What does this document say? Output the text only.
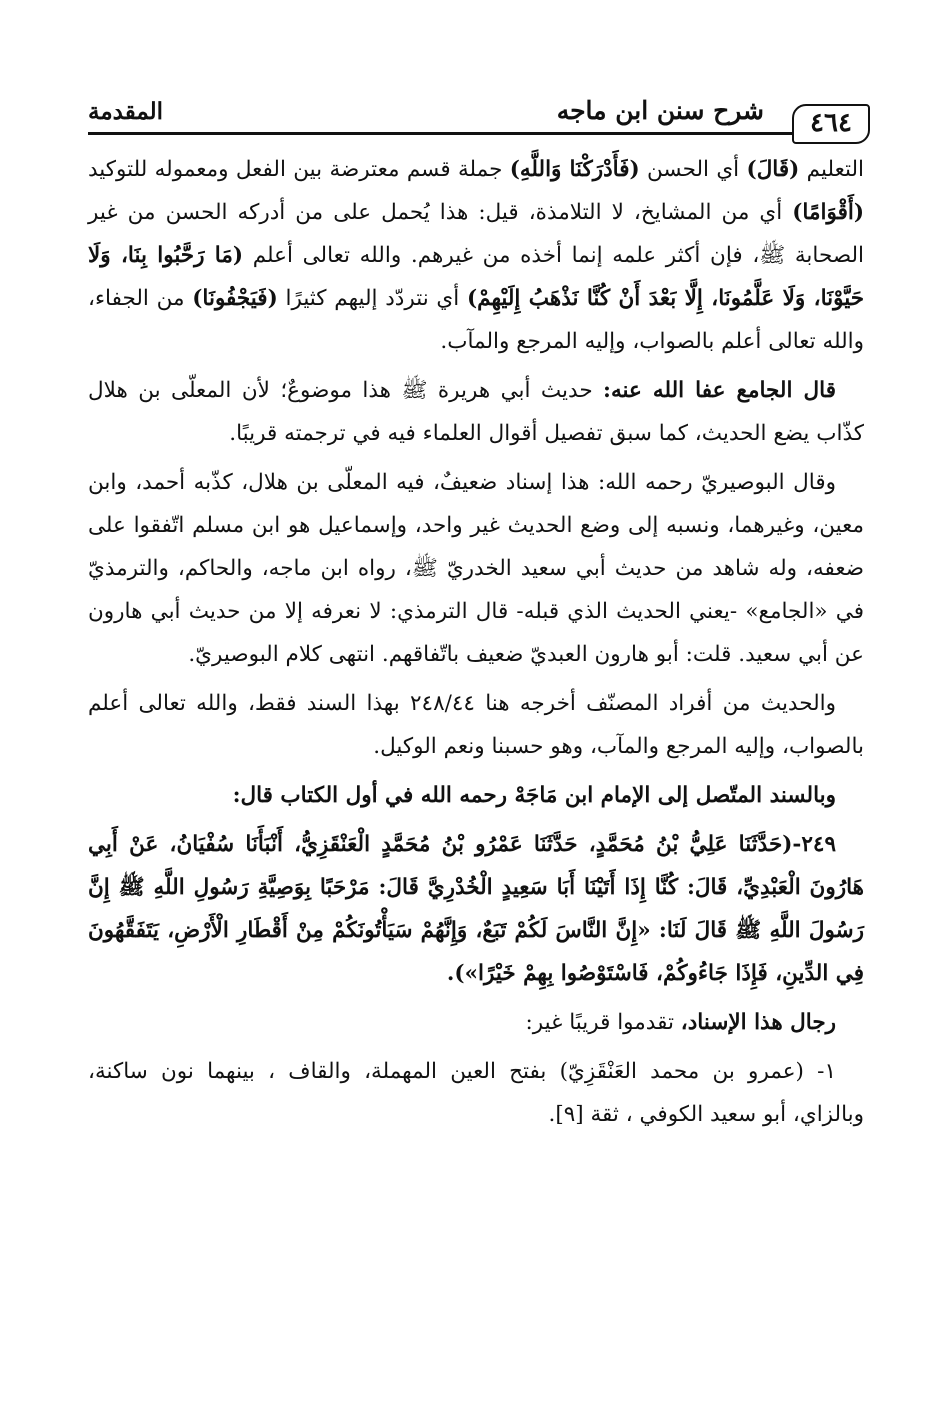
٤٦٤
شرح سنن ابن ماجه
المقدمة

التعليم (قَالَ) أي الحسن (فَأَدْرَكْنَا وَاللَّهِ) جملة قسم معترضة بين الفعل ومعموله للتوكيد (أَقْوَامًا) أي من المشايخ، لا التلامذة، قيل: هذا يُحمل على من أدركه الحسن من غير الصحابة ﷺ، فإن أكثر علمه إنما أخذه من غيرهم. والله تعالى أعلم (مَا رَحَّبُوا بِنَا، وَلَا حَيَّوْنَا، وَلَا عَلَّمُونَا، إِلَّا بَعْدَ أَنْ كُنَّا نَذْهَبُ إِلَيْهِمْ) أي نتردّد إليهم كثيرًا (فَيَجْفُونَا) من الجفاء، والله تعالى أعلم بالصواب، وإليه المرجع والمآب.

قال الجامع عفا الله عنه: حديث أبي هريرة ﷺ هذا موضوعٌ؛ لأن المعلّى بن هلال كذّاب يضع الحديث، كما سبق تفصيل أقوال العلماء فيه في ترجمته قريبًا.

وقال البوصيريّ رحمه الله: هذا إسناد ضعيفٌ، فيه المعلّى بن هلال، كذّبه أحمد، وابن معين، وغيرهما، ونسبه إلى وضع الحديث غير واحد، وإسماعيل هو ابن مسلم اتّفقوا على ضعفه، وله شاهد من حديث أبي سعيد الخدريّ ﷺ، رواه ابن ماجه، والحاكم، والترمذيّ في «الجامع» -يعني الحديث الذي قبله- قال الترمذي: لا نعرفه إلا من حديث أبي هارون عن أبي سعيد. قلت: أبو هارون العبديّ ضعيف باتّفاقهم. انتهى كلام البوصيريّ.

والحديث من أفراد المصنّف أخرجه هنا ٢٤٨/٤٤ بهذا السند فقط، والله تعالى أعلم بالصواب، وإليه المرجع والمآب، وهو حسبنا ونعم الوكيل.

وبالسند المتّصل إلى الإمام ابن مَاجَهْ رحمه الله في أول الكتاب قال:

٢٤٩-(حَدَّثَنَا عَلِيُّ بْنُ مُحَمَّدٍ، حَدَّثَنَا عَمْرُو بْنُ مُحَمَّدٍ الْعَنْقَزِيُّ، أَنْبَأَنَا سُفْيَانُ، عَنْ أَبِي هَارُونَ الْعَبْدِيِّ، قَالَ: كُنَّا إِذَا أَتَيْنَا أَبَا سَعِيدٍ الْخُدْرِيَّ قَالَ: مَرْحَبًا بِوَصِيَّةِ رَسُولِ اللَّهِ ﷺ إِنَّ رَسُولَ اللَّهِ ﷺ قَالَ لَنَا: «إِنَّ النَّاسَ لَكُمْ تَبَعٌ، وَإِنَّهُمْ سَيَأْتُونَكُمْ مِنْ أَقْطَارِ الْأَرْضِ، يَتَفَقَّهُونَ فِي الدِّينِ، فَإِذَا جَاءُوكُمْ، فَاسْتَوْصُوا بِهِمْ خَيْرًا»).

رجال هذا الإسناد، تقدموا قريبًا غير:

١- (عمرو بن محمد العَنْقَزِيّ) بفتح العين المهملة، والقاف ، بينهما نون ساكنة، وبالزاي، أبو سعيد الكوفي ، ثقة [٩].
